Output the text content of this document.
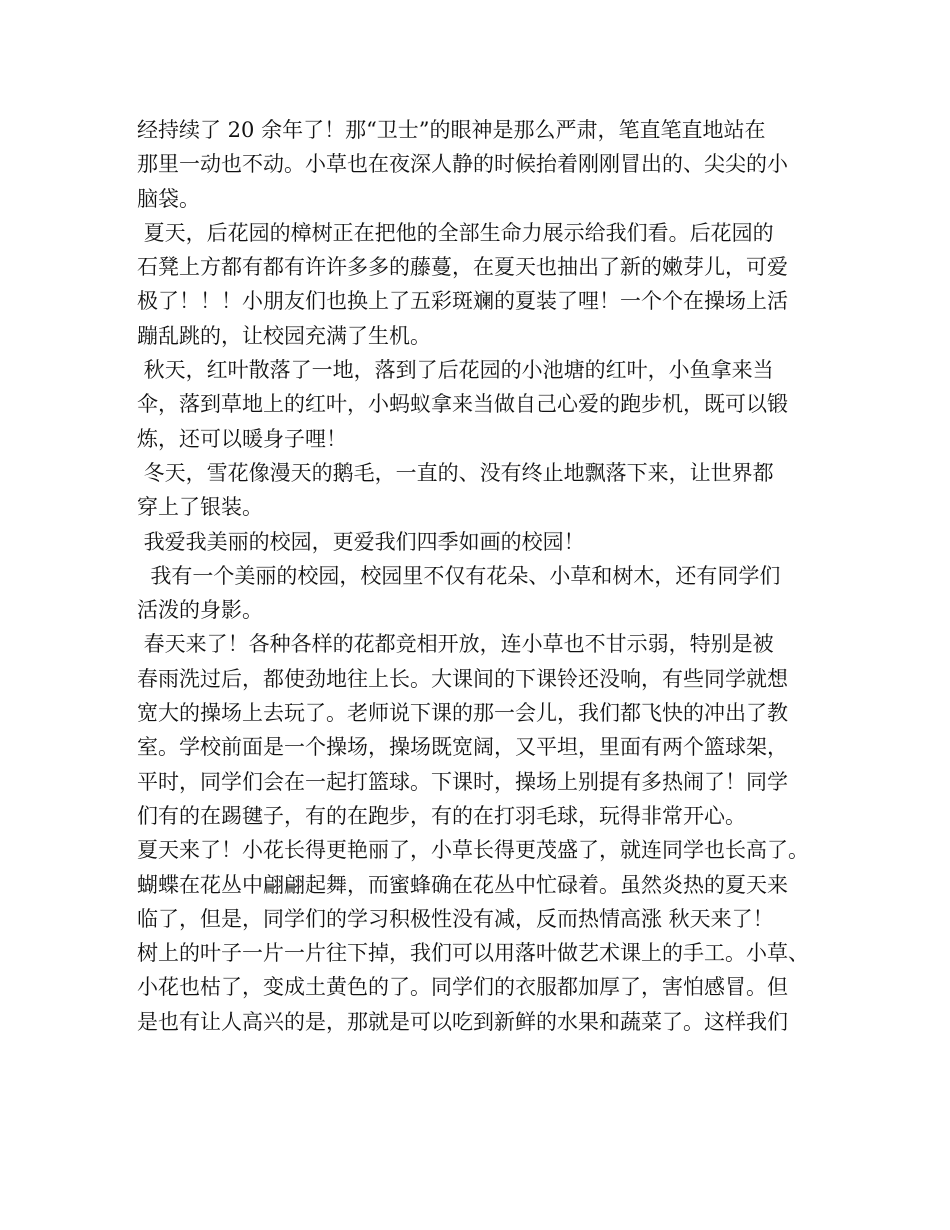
经持续了 20 余年了！那“卫士”的眼神是那么严肃，笔直笔直地站在
那里一动也不动。小草也在夜深人静的时候抬着刚刚冒出的、尖尖的小
脑袋。
夏天，后花园的樟树正在把他的全部生命力展示给我们看。后花园的
石凳上方都有都有许许多多的藤蔓，在夏天也抽出了新的嫩芽儿，可爱
极了！！！小朋友们也换上了五彩斑斓的夏装了哩！一个个在操场上活
蹦乱跳的，让校园充满了生机。
秋天，红叶散落了一地，落到了后花园的小池塘的红叶，小鱼拿来当
伞，落到草地上的红叶，小蚂蚁拿来当做自己心爱的跑步机，既可以锻
炼，还可以暖身子哩！
冬天，雪花像漫天的鹅毛，一直的、没有终止地飘落下来，让世界都
穿上了银装。
我爱我美丽的校园，更爱我们四季如画的校园！
我有一个美丽的校园，校园里不仅有花朵、小草和树木，还有同学们
活泼的身影。
春天来了！各种各样的花都竞相开放，连小草也不甘示弱，特别是被
春雨洗过后，都使劲地往上长。大课间的下课铃还没响，有些同学就想
宽大的操场上去玩了。老师说下课的那一会儿，我们都飞快的冲出了教
室。学校前面是一个操场，操场既宽阔，又平坦，里面有两个篮球架，
平时，同学们会在一起打篮球。下课时，操场上别提有多热闹了！同学
们有的在踢毽子，有的在跑步，有的在打羽毛球，玩得非常开心。
夏天来了！小花长得更艳丽了，小草长得更茂盛了，就连同学也长高了。
蝴蝶在花丛中翩翩起舞，而蜜蜂确在花丛中忙碌着。虽然炎热的夏天来
临了，但是，同学们的学习积极性没有减，反而热情高涨 秋天来了！
树上的叶子一片一片往下掉，我们可以用落叶做艺术课上的手工。小草、
小花也枯了，变成土黄色的了。同学们的衣服都加厚了，害怕感冒。但
是也有让人高兴的是，那就是可以吃到新鲜的水果和蔬菜了。这样我们
